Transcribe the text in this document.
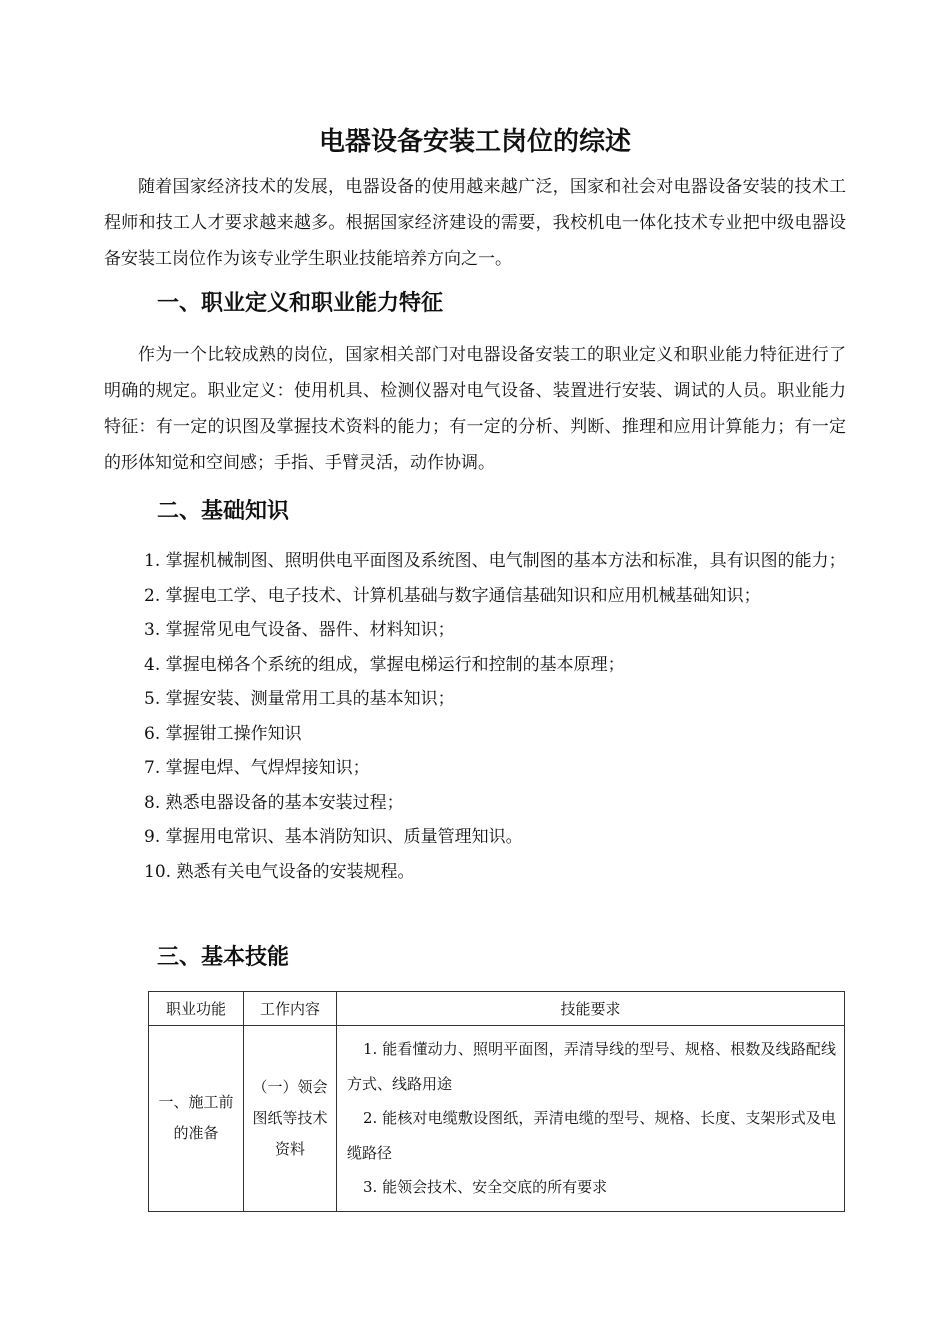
电器设备安装工岗位的综述

随着国家经济技术的发展，电器设备的使用越来越广泛，国家和社会对电器设备安装的技术工程师和技工人才要求越来越多。根据国家经济建设的需要，我校机电一体化技术专业把中级电器设备安装工岗位作为该专业学生职业技能培养方向之一。

一、职业定义和职业能力特征

作为一个比较成熟的岗位，国家相关部门对电器设备安装工的职业定义和职业能力特征进行了明确的规定。职业定义：使用机具、检测仪器对电气设备、装置进行安装、调试的人员。职业能力特征：有一定的识图及掌握技术资料的能力；有一定的分析、判断、推理和应用计算能力；有一定的形体知觉和空间感；手指、手臂灵活，动作协调。

二、基础知识
1. 掌握机械制图、照明供电平面图及系统图、电气制图的基本方法和标准，具有识图的能力；
2. 掌握电工学、电子技术、计算机基础与数字通信基础知识和应用机械基础知识；
3. 掌握常见电气设备、器件、材料知识；
4. 掌握电梯各个系统的组成，掌握电梯运行和控制的基本原理；
5. 掌握安装、测量常用工具的基本知识；
6. 掌握钳工操作知识
7. 掌握电焊、气焊焊接知识；
8. 熟悉电器设备的基本安装过程；
9. 掌握用电常识、基本消防知识、质量管理知识。
10. 熟悉有关电气设备的安装规程。
三、基本技能
职业功能	工作内容	技能要求
一、施工前的准备	（一）领会图纸等技术资料	1. 能看懂动力、照明平面图，弄清导线的型号、规格、根数及线路配线方式、线路用途
2. 能核对电缆敷设图纸，弄清电缆的型号、规格、长度、支架形式及电缆路径
3. 能领会技术、安全交底的所有要求
